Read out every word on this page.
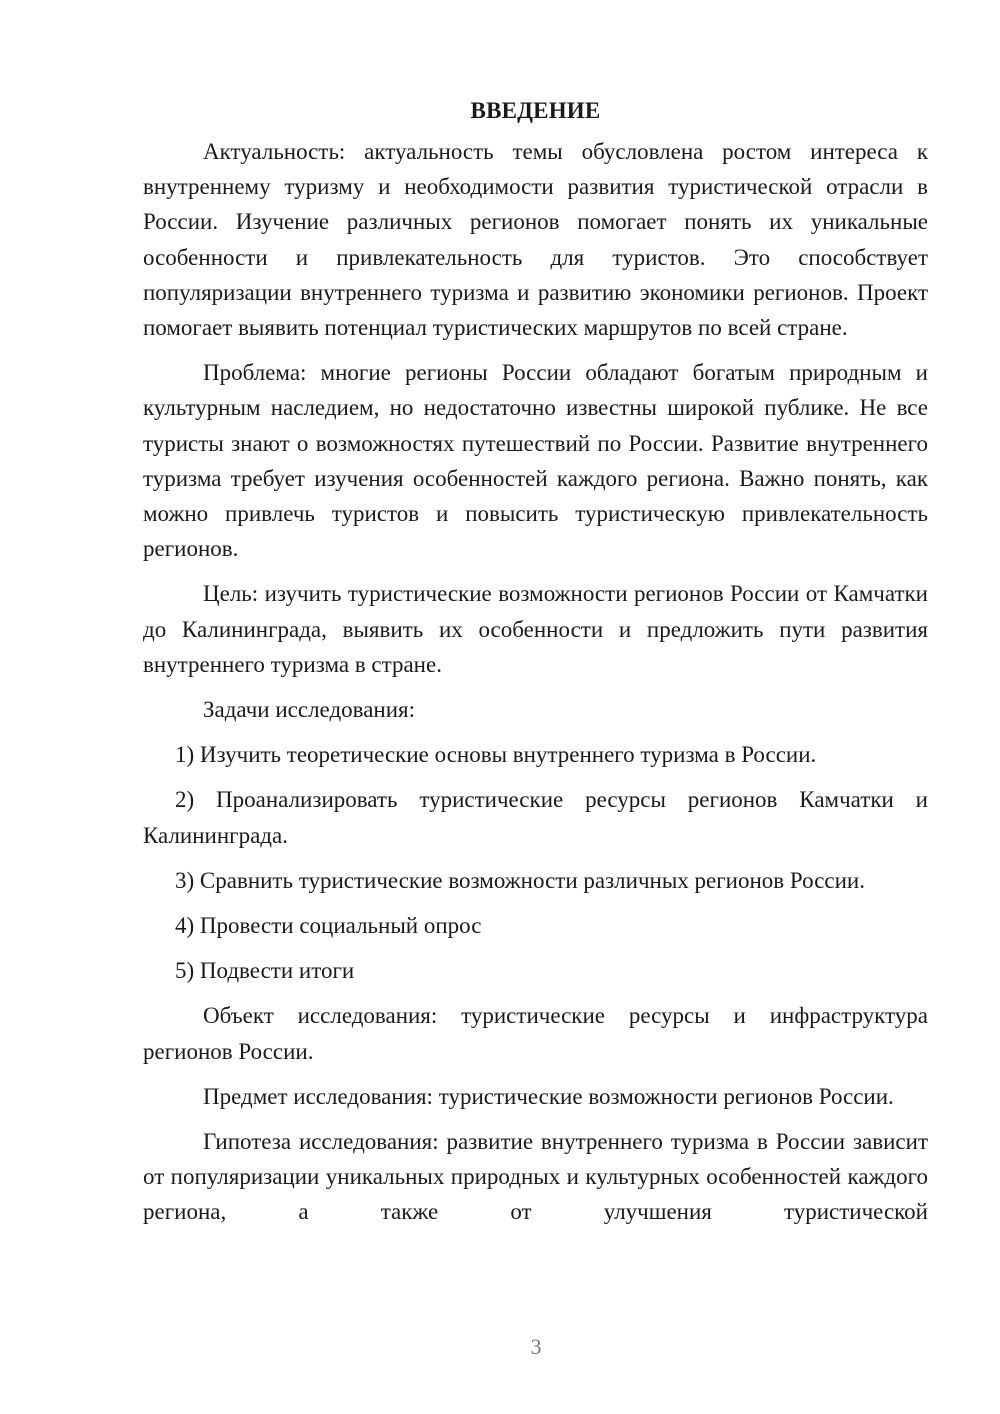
ВВЕДЕНИЕ

Актуальность: актуальность темы обусловлена ростом интереса к внутреннему туризму и необходимости развития туристической отрасли в России. Изучение различных регионов помогает понять их уникальные особенности и привлекательность для туристов. Это способствует популяризации внутреннего туризма и развитию экономики регионов. Проект помогает выявить потенциал туристических маршрутов по всей стране.

Проблема: многие регионы России обладают богатым природным и культурным наследием, но недостаточно известны широкой публике. Не все туристы знают о возможностях путешествий по России. Развитие внутреннего туризма требует изучения особенностей каждого региона. Важно понять, как можно привлечь туристов и повысить туристическую привлекательность регионов.

Цель: изучить туристические возможности регионов России от Камчатки до Калининграда, выявить их особенности и предложить пути развития внутреннего туризма в стране.

Задачи исследования:

1) Изучить теоретические основы внутреннего туризма в России.

2) Проанализировать туристические ресурсы регионов Камчатки и Калининграда.

3) Сравнить туристические возможности различных регионов России.

4) Провести социальный опрос

5) Подвести итоги

Объект исследования: туристические ресурсы и инфраструктура регионов России.

Предмет исследования: туристические возможности регионов России.

Гипотеза исследования: развитие внутреннего туризма в России зависит от популяризации уникальных природных и культурных особенностей каждого региона, а также от улучшения туристической

3
